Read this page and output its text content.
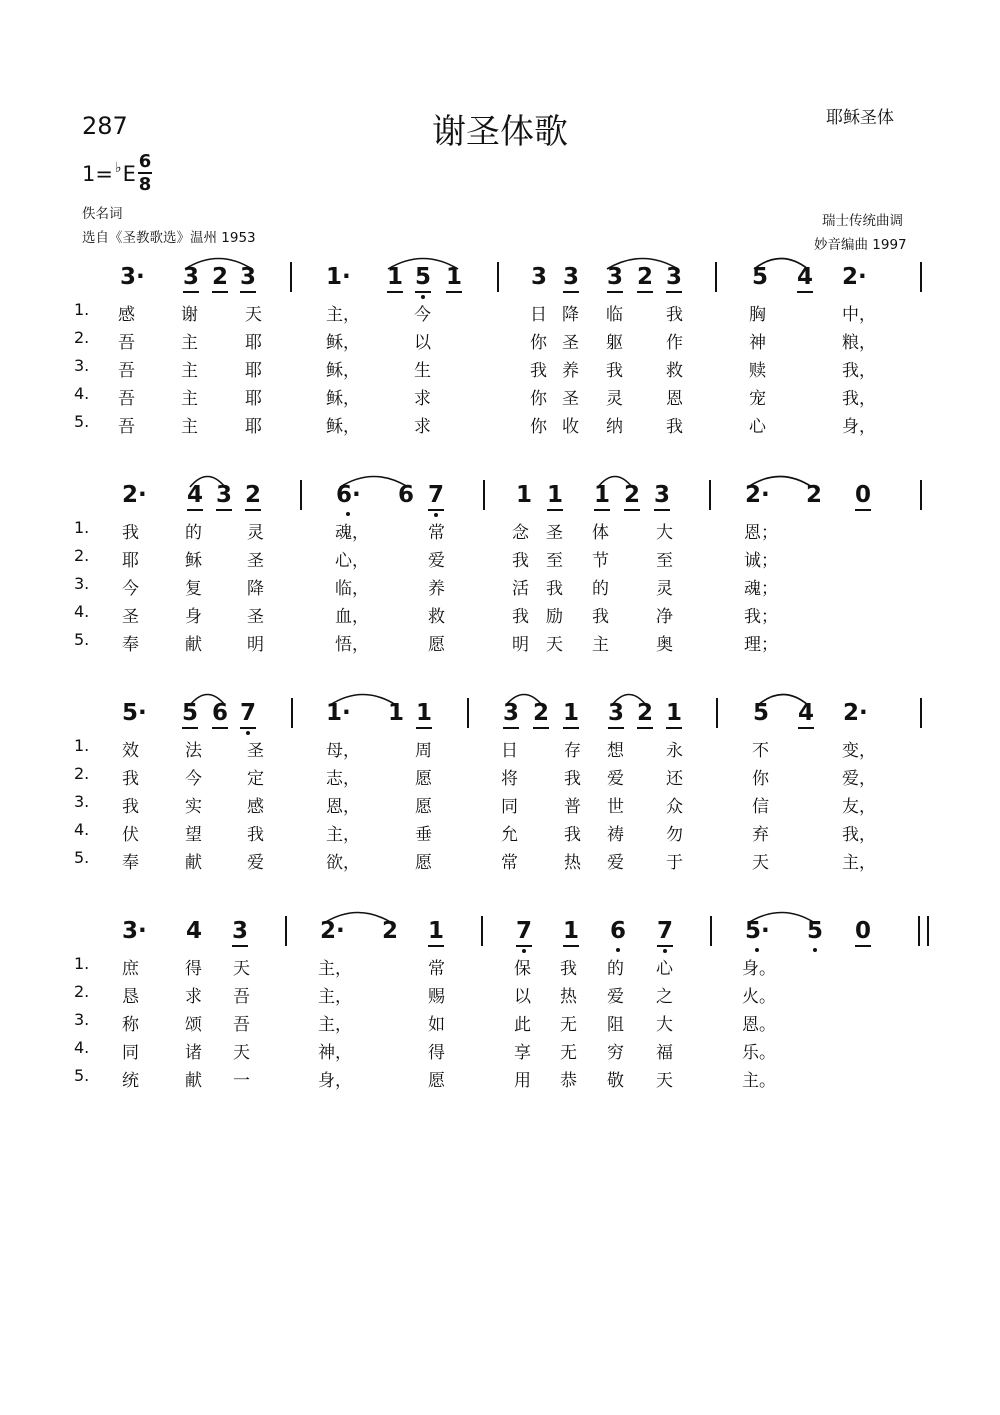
287	谢圣体歌	耶稣圣体
1= ♭E
6
8
佚名词
选自《圣教歌选》温州 1953
瑞士传统曲调
妙音编曲 1997
3· 3 2 3	1· 1 5 1	3 3 3 2 3	5 4 2·
1. 感	谢	天	主，	今	日 降 临	我	胸	中，
2. 吾	主	耶	稣，	以	你 圣 躯	作	神	粮，
3. 吾	主	耶	稣，	生	我 养 我	救	赎	我，
4. 吾	主	耶	稣，	求	你 圣 灵	恩	宠	我，
5. 吾	主	耶	稣，	求	你 收 纳	我	心	身，
2· 4 3 2	6· 6 7	1 1 1 2 3	2· 2 0
1. 我	的	灵	魂，	常	念 圣 体	大	恩；
2. 耶	稣	圣	心，	爱	我 至 节	至	诚；
3. 今	复	降	临，	养	活 我 的	灵	魂；
4. 圣	身	圣	血，	救	我 励 我	净	我；
5. 奉	献	明	悟，	愿	明 天 主	奥	理；
5· 5 6 7	1· 1 1	3 2 1 3 2 1	5 4 2·
1. 效	法	圣	母，	周	日	存 想 永	不	变，
2. 我	今	定	志，	愿	将	我 爱 还	你	爱，
3. 我	实	感	恩，	愿	同	普 世 众	信	友，
4. 伏	望	我	主，	垂	允	我 祷 勿	弃	我，
5. 奉	献	爱	欲，	愿	常	热 爱 于	天	主，
3· 4 3	2· 2 1	7 1 6 7	5· 5 0
1. 庶	得 天	主，	常	保 我 的 心	身。
2. 恳	求 吾	主，	赐	以 热 爱 之	火。
3. 称	颂 吾	主，	如	此 无 阻 大	恩。
4. 同	诸 天	神，	得	享 无 穷 福	乐。
5. 统	献 一	身，	愿	用 恭 敬 天	主。
